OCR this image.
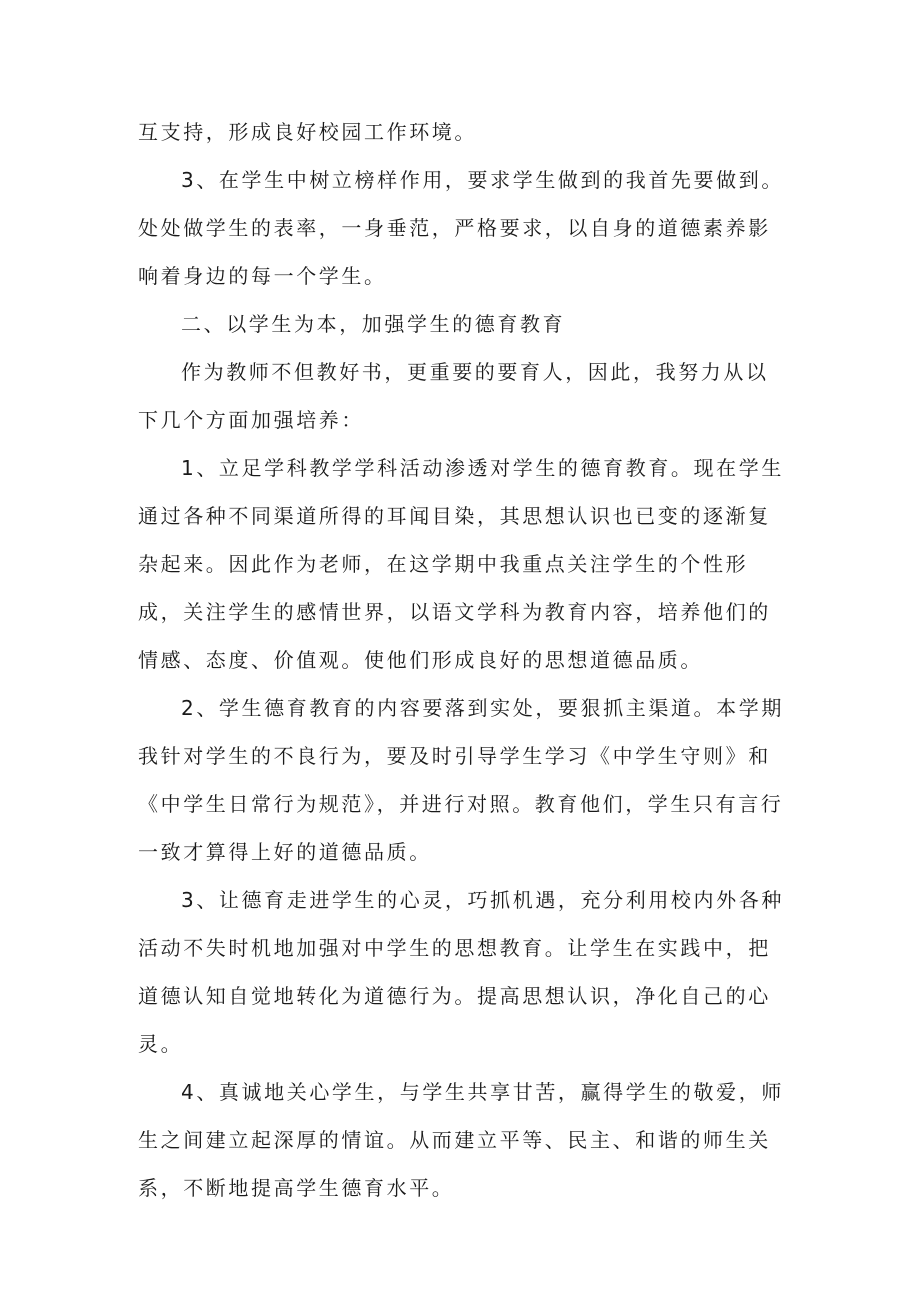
互支持，形成良好校园工作环境。

3、在学生中树立榜样作用，要求学生做到的我首先要做到。处处做学生的表率，一身垂范，严格要求，以自身的道德素养影响着身边的每一个学生。

二、以学生为本，加强学生的德育教育

作为教师不但教好书，更重要的要育人，因此，我努力从以下几个方面加强培养：

1、立足学科教学学科活动渗透对学生的德育教育。现在学生通过各种不同渠道所得的耳闻目染，其思想认识也已变的逐渐复杂起来。因此作为老师，在这学期中我重点关注学生的个性形成，关注学生的感情世界，以语文学科为教育内容，培养他们的情感、态度、价值观。使他们形成良好的思想道德品质。

2、学生德育教育的内容要落到实处，要狠抓主渠道。本学期我针对学生的不良行为，要及时引导学生学习《中学生守则》和《中学生日常行为规范》，并进行对照。教育他们，学生只有言行一致才算得上好的道德品质。

3、让德育走进学生的心灵，巧抓机遇，充分利用校内外各种活动不失时机地加强对中学生的思想教育。让学生在实践中，把道德认知自觉地转化为道德行为。提高思想认识，净化自己的心灵。

4、真诚地关心学生，与学生共享甘苦，赢得学生的敬爱，师生之间建立起深厚的情谊。从而建立平等、民主、和谐的师生关系，不断地提高学生德育水平。
